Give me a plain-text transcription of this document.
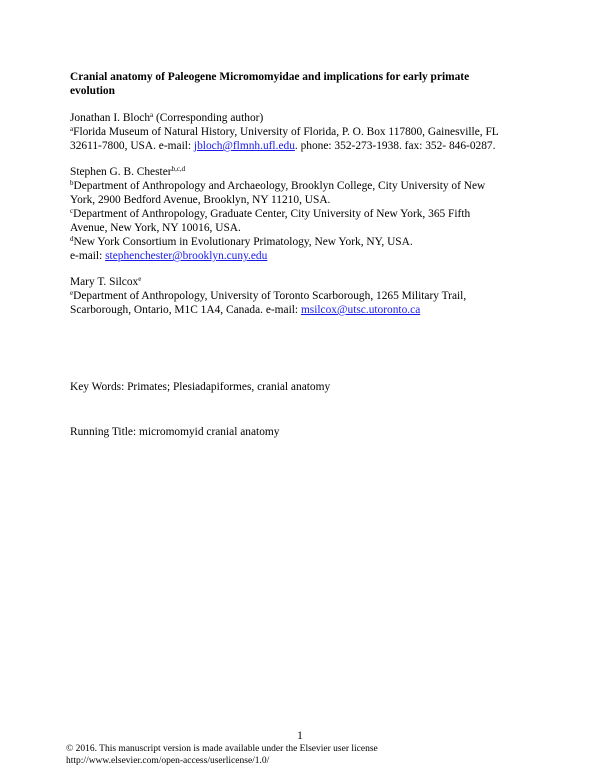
Cranial anatomy of Paleogene Micromomyidae and implications for early primate
evolution
Jonathan I. Bloch$^a$ (Corresponding author)
$^a$Florida Museum of Natural History, University of Florida, P. O. Box 117800, Gainesville, FL
32611-7800, USA. e-mail: jbloch@flmnh.ufl.edu. phone: 352-273-1938. fax: 352- 846-0287.
Stephen G. B. Chester$^{b,c,d}$
$^b$Department of Anthropology and Archaeology, Brooklyn College, City University of New
York, 2900 Bedford Avenue, Brooklyn, NY 11210, USA.
$^c$Department of Anthropology, Graduate Center, City University of New York, 365 Fifth
Avenue, New York, NY 10016, USA.
$^d$New York Consortium in Evolutionary Primatology, New York, NY, USA.
e-mail: stephenchester@brooklyn.cuny.edu
Mary T. Silcox$^e$
$^e$Department of Anthropology, University of Toronto Scarborough, 1265 Military Trail,
Scarborough, Ontario, M1C 1A4, Canada. e-mail: msilcox@utsc.utoronto.ca
Key Words: Primates; Plesiadapiformes, cranial anatomy
Running Title: micromomyid cranial anatomy
1
© 2016. This manuscript version is made available under the Elsevier user license
http://www.elsevier.com/open-access/userlicense/1.0/
